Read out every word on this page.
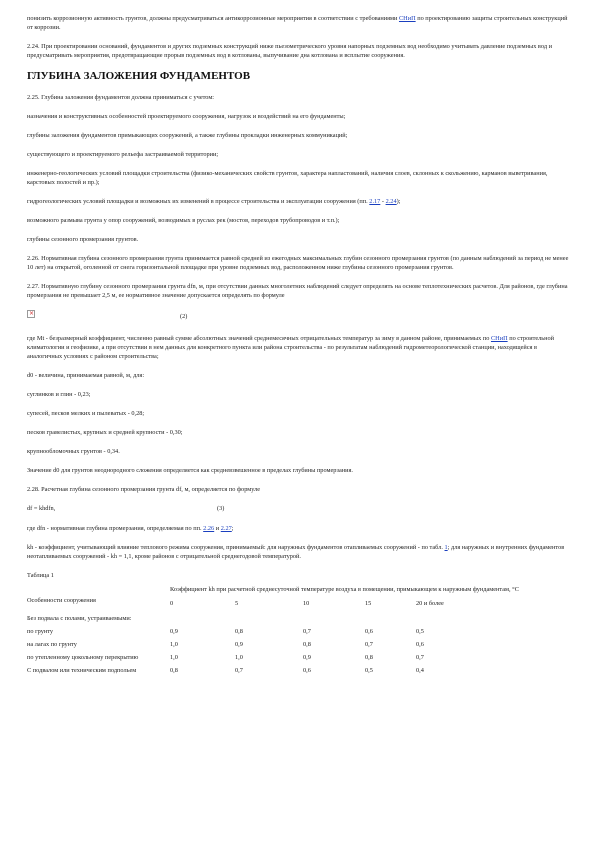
понизить коррозионную активность грунтов, должны предусматриваться антикоррозионные мероприятия в соответствии с требованиями СНиП по проектированию защиты строительных конструкций от коррозии.

2.24. При проектировании оснований, фундаментов и других подземных конструкций ниже пьезометрического уровня напорных подземных вод необходимо учитывать давление подземных вод и предусматривать мероприятия, предотвращающие прорыв подземных вод в котлованы, выпучивание дна котлована и всплытие сооружения.

ГЛУБИНА ЗАЛОЖЕНИЯ ФУНДАМЕНТОВ

2.25. Глубина заложения фундаментов должна приниматься с учетом:

назначения и конструктивных особенностей проектируемого сооружения, нагрузок и воздействий на его фундаменты;

глубины заложения фундаментов примыкающих сооружений, а также глубины прокладки инженерных коммуникаций;

существующего и проектируемого рельефа застраиваемой территории;

инженерно-геологических условий площадки строительства (физико-механических свойств грунтов, характера напластований, наличия слоев, склонных к скольжению, карманов выветривания, карстовых полостей и пр.);

гидрогеологических условий площадки и возможных их изменений в процессе строительства и эксплуатации сооружения (пп. 2.17 - 2.24);

возможного размыва грунта у опор сооружений, возводимых в руслах рек (мостов, переходов трубопроводов и т.п.);

глубины сезонного промерзания грунтов.

2.26. Нормативная глубина сезонного промерзания грунта принимается равной средней из ежегодных максимальных глубин сезонного промерзания грунтов (по данным наблюдений за период не менее 10 лет) на открытой, оголенной от снега горизонтальной площадке при уровне подземных вод, расположенном ниже глубины сезонного промерзания грунтов.

2.27. Нормативную глубину сезонного промерзания грунта dfn, м, при отсутствии данных многолетних наблюдений следует определять на основе теплотехнических расчетов. Для районов, где глубина промерзания не превышает 2,5 м, ее нормативное значение допускается определять по формуле

×	(2)

где Mt - безразмерный коэффициент, численно равный сумме абсолютных значений среднемесячных отрицательных температур за зиму в данном районе, принимаемых по СНиП по строительной климатологии и геофизике, а при отсутствии в нем данных для конкретного пункта или района строительства - по результатам наблюдений гидрометеорологической станции, находящейся в аналогичных условиях с районом строительства;

d0 - величина, принимаемая равной, м, для:

суглинков и глин - 0,23;

супесей, песков мелких и пылеватых - 0,28;

песков гравелистых, крупных и средней крупности - 0,30;

крупнообломочных грунтов - 0,34.

Значение d0 для грунтов неоднородного сложения определяется как средневзвешенное в пределах глубины промерзания.

2.28. Расчетная глубина сезонного промерзания грунта df, м, определяется по формуле

df = khdfn,	(3)

где dfn - нормативная глубина промерзания, определяемая по пп. 2.26 и 2.27;

kh - коэффициент, учитывающий влияние теплового режима сооружения, принимаемый: для наружных фундаментов отапливаемых сооружений - по табл. 1; для наружных и внутренних фундаментов неотапливаемых сооружений - kh = 1,1, кроме районов с отрицательной среднегодовой температурой.

Таблица 1

Особенности сооружения	Коэффициент kh при расчетной среднесуточной температуре воздуха в помещении, примыкающем к наружным фундаментам, °С				
	0	5	10	15	20 и более
Без подвала с полами, устраиваемыми:					
по грунту	0,9	0,8	0,7	0,6	0,5
на лагах по грунту	1,0	0,9	0,8	0,7	0,6
по утепленному цокольному перекрытию	1,0	1,0	0,9	0,8	0,7
С подвалом или техническим подпольем	0,8	0,7	0,6	0,5	0,4
